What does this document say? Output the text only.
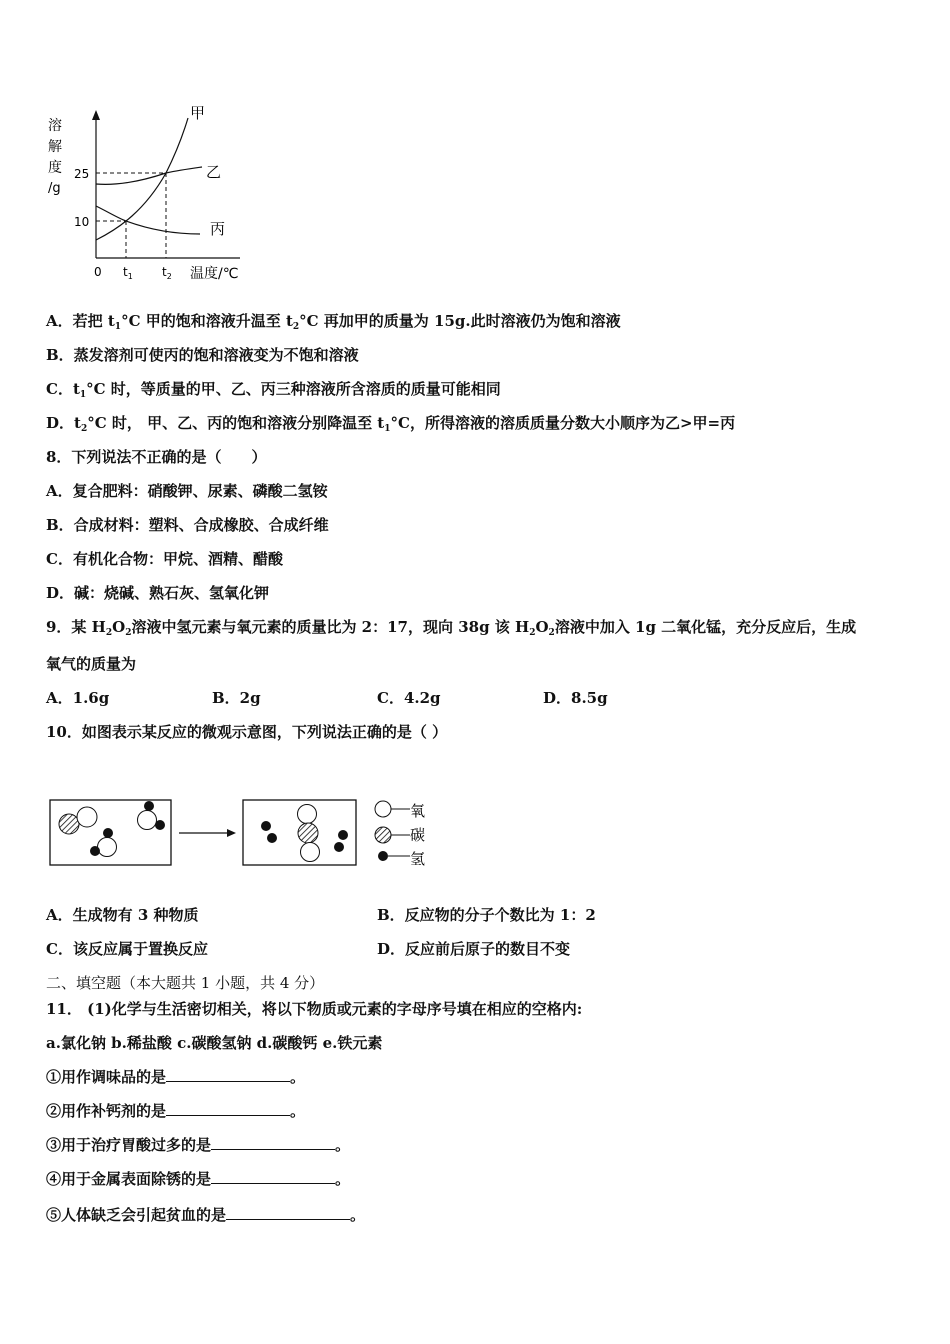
溶
解
度
/g
25
10
0 $t_1$ $t_2$ 温度/℃
甲
乙
丙
A．若把 $t_1^\circ C$ 甲的饱和溶液升温至 $t_2^\circ C$ 再加甲的质量为 15g.此时溶液仍为饱和溶液
B．蒸发溶剂可使丙的饱和溶液变为不饱和溶液
C．$t_1^\circ C$ 时，等质量的甲、乙、丙三种溶液所含溶质的质量可能相同
D．$t_2^\circ C$ 时， 甲、乙、丙的饱和溶液分别降温至 $t_1^\circ C$，所得溶液的溶质质量分数大小顺序为乙>甲=丙
8．下列说法不正确的是（　　）
A．复合肥料：硝酸钾、尿素、磷酸二氢铵
B．合成材料：塑料、合成橡胶、合成纤维
C．有机化合物：甲烷、酒精、醋酸
D．碱：烧碱、熟石灰、氢氧化钾
9．某 $H_2O_2$溶液中氢元素与氧元素的质量比为 2：17，现向 38g 该 $H_2O_2$溶液中加入 1g 二氧化锰，充分反应后，生成
氧气的质量为
A．1.6g	B．2g	C．4.2g	D．8.5g
10．如图表示某反应的微观示意图，下列说法正确的是（ ）
氧
碳
氢
A．生成物有 3 种物质	B．反应物的分子个数比为 1：2
C．该反应属于置换反应	D．反应前后原子的数目不变
二、填空题（本大题共 1 小题，共 4 分）
11． (1)化学与生活密切相关，将以下物质或元素的字母序号填在相应的空格内:
a.氯化钠 b.稀盐酸 c.碳酸氢钠 d.碳酸钙 e.铁元素
①用作调味品的是	。
②用作补钙剂的是	。
③用于治疗胃酸过多的是	。
④用于金属表面除锈的是	。
⑤人体缺乏会引起贫血的是	。
